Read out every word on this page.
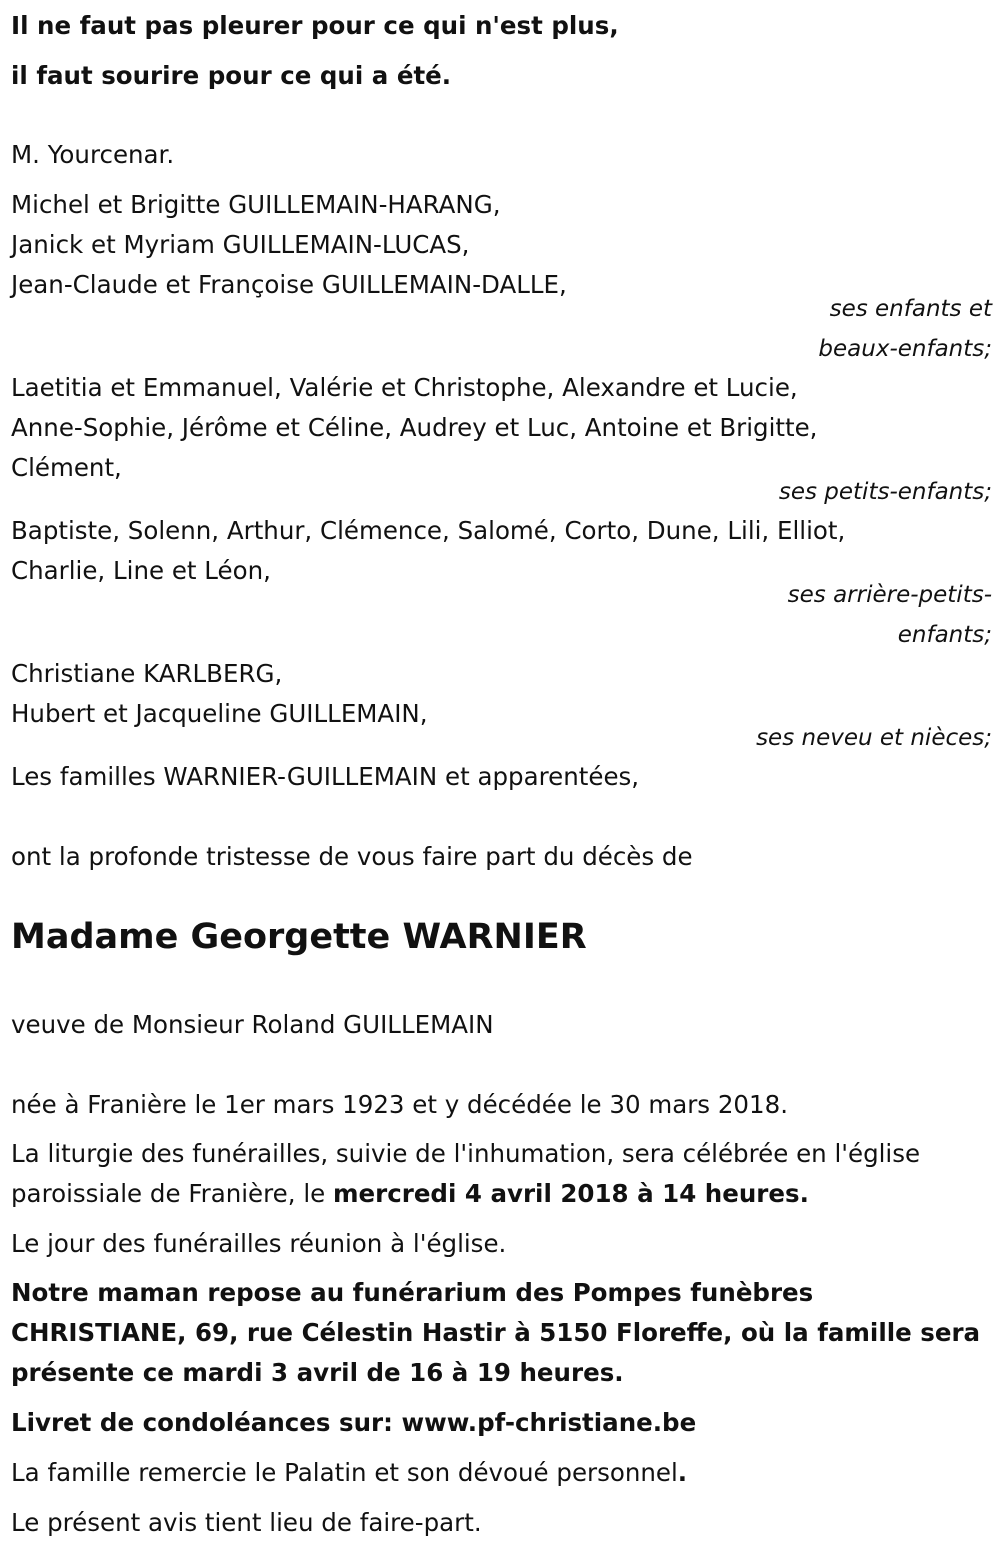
Il ne faut pas pleurer pour ce qui n'est plus,
il faut sourire pour ce qui a été.
M. Yourcenar.
Michel et Brigitte GUILLEMAIN-HARANG,
Janick et Myriam GUILLEMAIN-LUCAS,
Jean-Claude et Françoise GUILLEMAIN-DALLE,
ses enfants et
beaux-enfants;
Laetitia et Emmanuel, Valérie et Christophe, Alexandre et Lucie,
Anne-Sophie, Jérôme et Céline, Audrey et Luc, Antoine et Brigitte,
Clément,
ses petits-enfants;
Baptiste, Solenn, Arthur, Clémence, Salomé, Corto, Dune, Lili, Elliot,
Charlie, Line et Léon,
ses arrière-petits-
enfants;
Christiane KARLBERG,
Hubert et Jacqueline GUILLEMAIN,
ses neveu et nièces;
Les familles WARNIER-GUILLEMAIN et apparentées,
ont la profonde tristesse de vous faire part du décès de
Madame Georgette WARNIER
veuve de Monsieur Roland GUILLEMAIN
née à Franière le 1er mars 1923 et y décédée le 30 mars 2018.
La liturgie des funérailles, suivie de l'inhumation, sera célébrée en l'église
paroissiale de Franière, le mercredi 4 avril 2018 à 14 heures.
Le jour des funérailles réunion à l'église.
Notre maman repose au funérarium des Pompes funèbres
CHRISTIANE, 69, rue Célestin Hastir à 5150 Floreffe, où la famille sera
présente ce mardi 3 avril de 16 à 19 heures.
Livret de condoléances sur: www.pf-christiane.be
La famille remercie le Palatin et son dévoué personnel.
Le présent avis tient lieu de faire-part.
